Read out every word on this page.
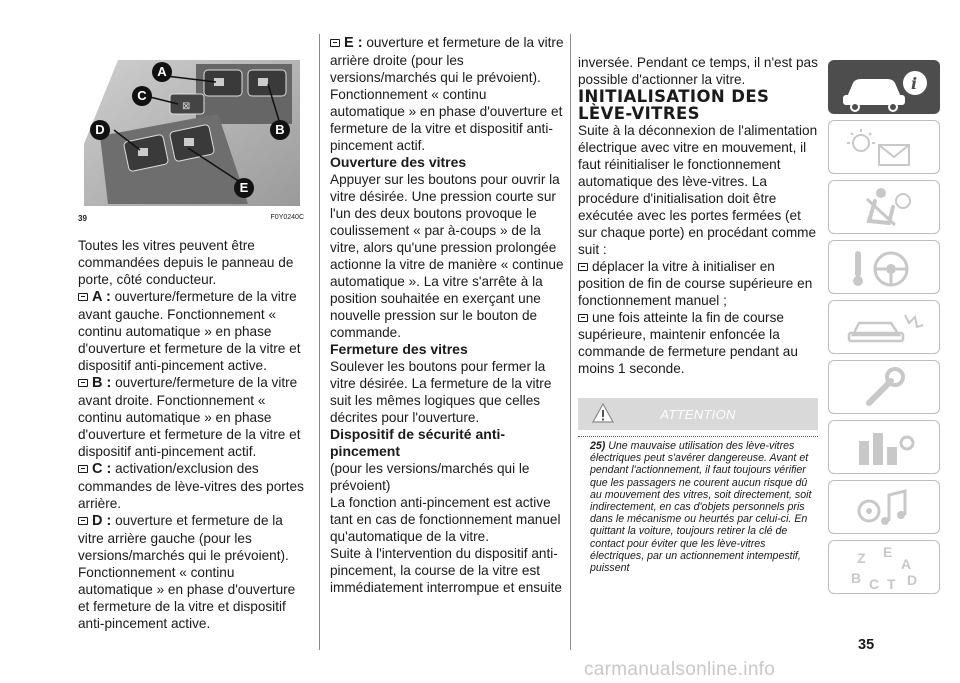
⊠
A
C
D	B
E
39	F0Y0240C

Toutes les vitres peuvent être commandées depuis le panneau de porte, côté conducteur.

A : ouverture/fermeture de la vitre avant gauche. Fonctionnement « continu automatique » en phase d'ouverture et fermeture de la vitre et dispositif anti-pincement active.

B : ouverture/fermeture de la vitre avant droite. Fonctionnement « continu automatique » en phase d'ouverture et fermeture de la vitre et dispositif anti-pincement actif.

C : activation/exclusion des commandes de lève-vitres des portes arrière.

D : ouverture et fermeture de la vitre arrière gauche (pour les versions/marchés qui le prévoient). Fonctionnement « continu automatique » en phase d'ouverture et fermeture de la vitre et dispositif anti-pincement active.

E : ouverture et fermeture de la vitre arrière droite (pour les versions/marchés qui le prévoient). Fonctionnement « continu automatique » en phase d'ouverture et fermeture de la vitre et dispositif anti-pincement actif.

Ouverture des vitres

Appuyer sur les boutons pour ouvrir la vitre désirée. Une pression courte sur l'un des deux boutons provoque le coulissement « par à-coups » de la vitre, alors qu'une pression prolongée actionne la vitre de manière « continue automatique ». La vitre s'arrête à la position souhaitée en exerçant une nouvelle pression sur le bouton de commande.

Fermeture des vitres

Soulever les boutons pour fermer la vitre désirée. La fermeture de la vitre suit les mêmes logiques que celles décrites pour l'ouverture.

Dispositif de sécurité anti-pincement

(pour les versions/marchés qui le prévoient)

La fonction anti-pincement est active tant en cas de fonctionnement manuel qu'automatique de la vitre.

Suite à l'intervention du dispositif anti-pincement, la course de la vitre est immédiatement interrompue et ensuite

inversée. Pendant ce temps, il n'est pas possible d'actionner la vitre.

INITIALISATION DES LÈVE-VITRES

Suite à la déconnexion de l'alimentation électrique avec vitre en mouvement, il faut réinitialiser le fonctionnement automatique des lève-vitres. La procédure d'initialisation doit être exécutée avec les portes fermées (et sur chaque porte) en procédant comme suit :

déplacer la vitre à initialiser en position de fin de course supérieure en fonctionnement manuel ;

une fois atteinte la fin de course supérieure, maintenir enfoncée la commande de fermeture pendant au moins 1 seconde.

ATTENTION
25) Une mauvaise utilisation des lève-vitres électriques peut s'avérer dangereuse. Avant et pendant l'actionnement, il faut toujours vérifier que les passagers ne courent aucun risque dû au mouvement des vitres, soit directement, soit indirectement, en cas d'objets personnels pris dans le mécanisme ou heurtés par celui-ci. En quittant la voiture, toujours retirer la clé de contact pour éviter que les lève-vitres électriques, par un actionnement intempestif, puissent
i
Z E
A
B C T D
35
carmanualsonline.info
